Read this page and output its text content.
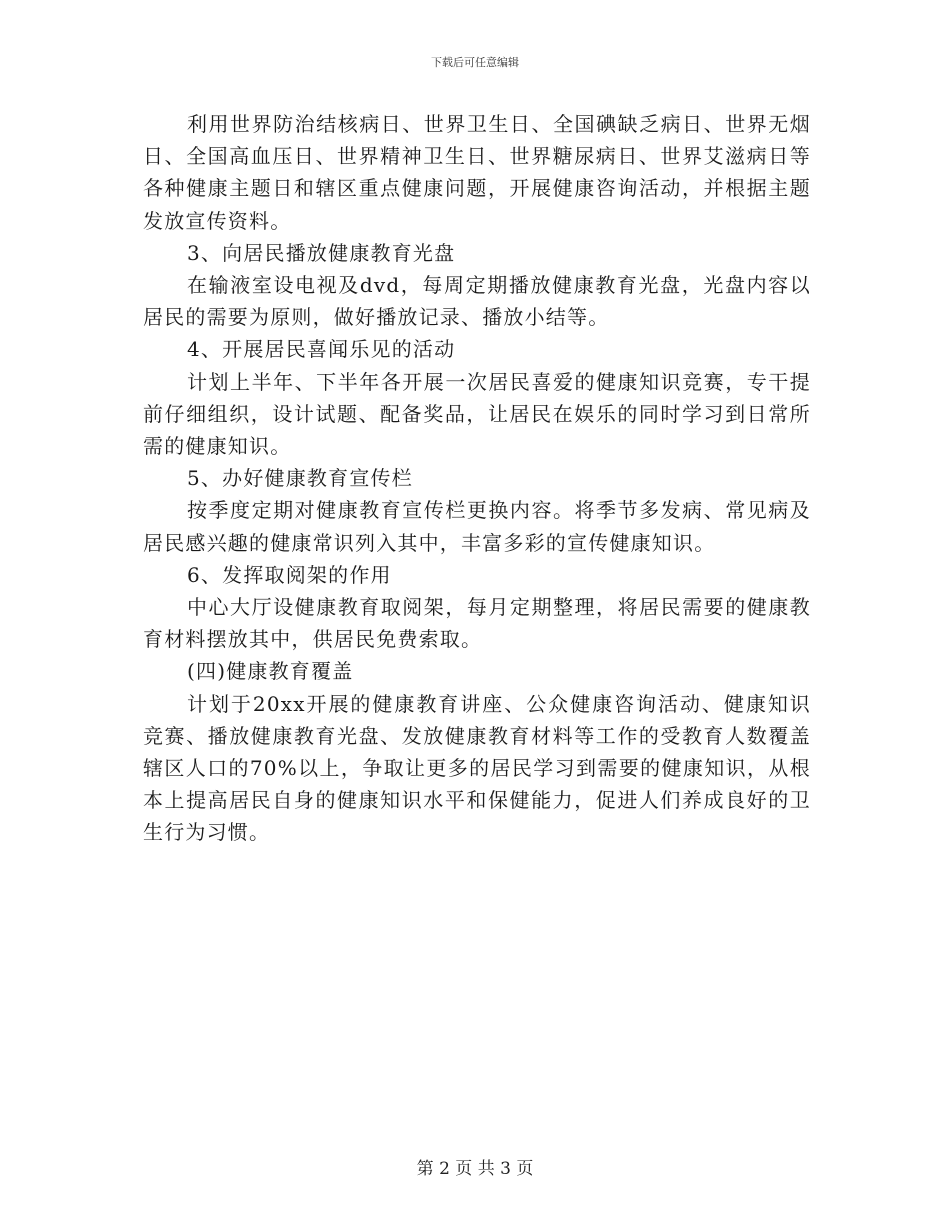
下载后可任意编辑

利用世界防治结核病日、世界卫生日、全国碘缺乏病日、世界无烟日、全国高血压日、世界精神卫生日、世界糖尿病日、世界艾滋病日等各种健康主题日和辖区重点健康问题，开展健康咨询活动，并根据主题发放宣传资料。

3、向居民播放健康教育光盘

在输液室设电视及dvd，每周定期播放健康教育光盘，光盘内容以居民的需要为原则，做好播放记录、播放小结等。

4、开展居民喜闻乐见的活动

计划上半年、下半年各开展一次居民喜爱的健康知识竞赛，专干提前仔细组织，设计试题、配备奖品，让居民在娱乐的同时学习到日常所需的健康知识。

5、办好健康教育宣传栏

按季度定期对健康教育宣传栏更换内容。将季节多发病、常见病及居民感兴趣的健康常识列入其中，丰富多彩的宣传健康知识。

6、发挥取阅架的作用

中心大厅设健康教育取阅架，每月定期整理，将居民需要的健康教育材料摆放其中，供居民免费索取。

(四)健康教育覆盖

计划于20xx开展的健康教育讲座、公众健康咨询活动、健康知识竞赛、播放健康教育光盘、发放健康教育材料等工作的受教育人数覆盖辖区人口的70%以上，争取让更多的居民学习到需要的健康知识，从根本上提高居民自身的健康知识水平和保健能力，促进人们养成良好的卫生行为习惯。

第 2 页 共 3 页
